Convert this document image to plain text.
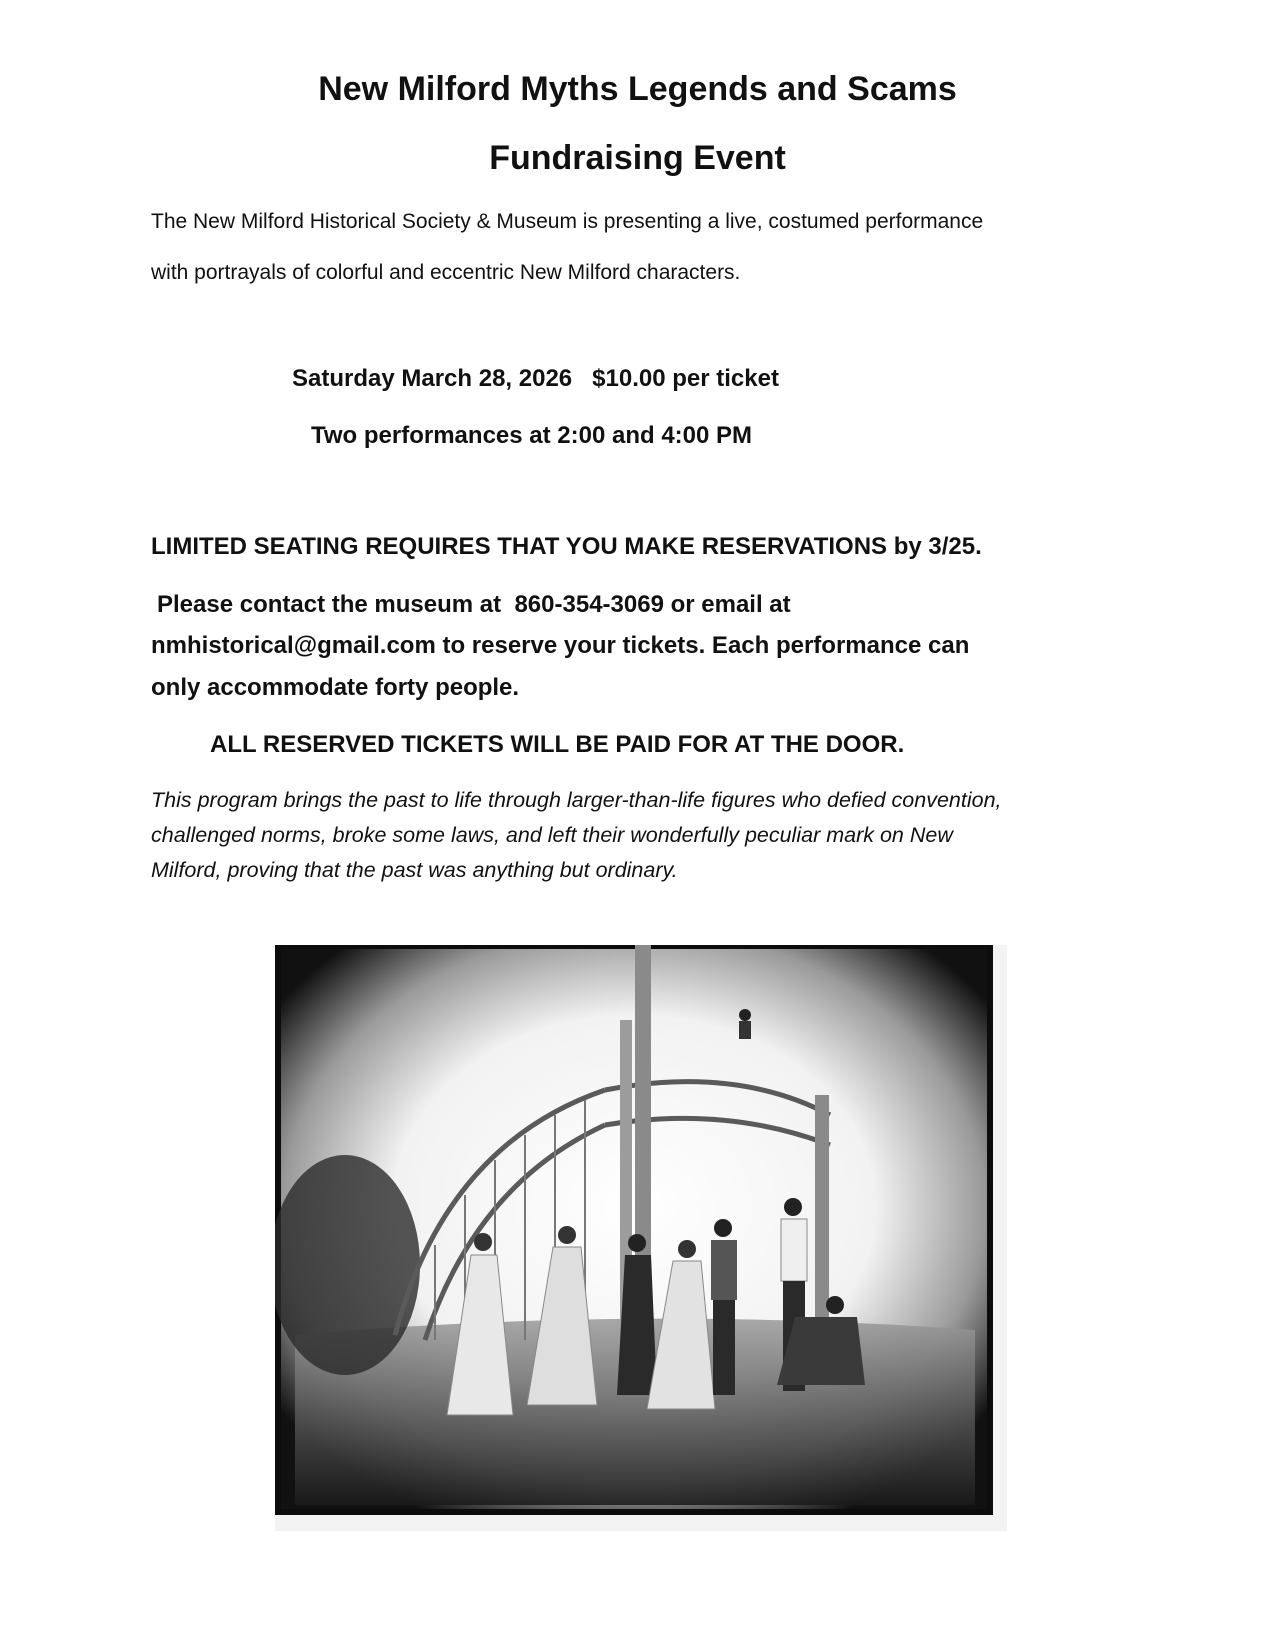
New Milford Myths Legends and Scams
Fundraising Event
The New Milford Historical Society & Museum is presenting a live, costumed performance
with portrayals of colorful and eccentric New Milford characters.
Saturday March 28, 2026   $10.00 per ticket
Two performances at 2:00 and 4:00 PM
LIMITED SEATING REQUIRES THAT YOU MAKE RESERVATIONS by 3/25.
Please contact the museum at  860-354-3069 or email at
nmhistorical@gmail.com to reserve your tickets. Each performance can
only accommodate forty people.
ALL RESERVED TICKETS WILL BE PAID FOR AT THE DOOR.
This program brings the past to life through larger-than-life figures who defied convention,
challenged norms, broke some laws, and left their wonderfully peculiar mark on New
Milford, proving that the past was anything but ordinary.
